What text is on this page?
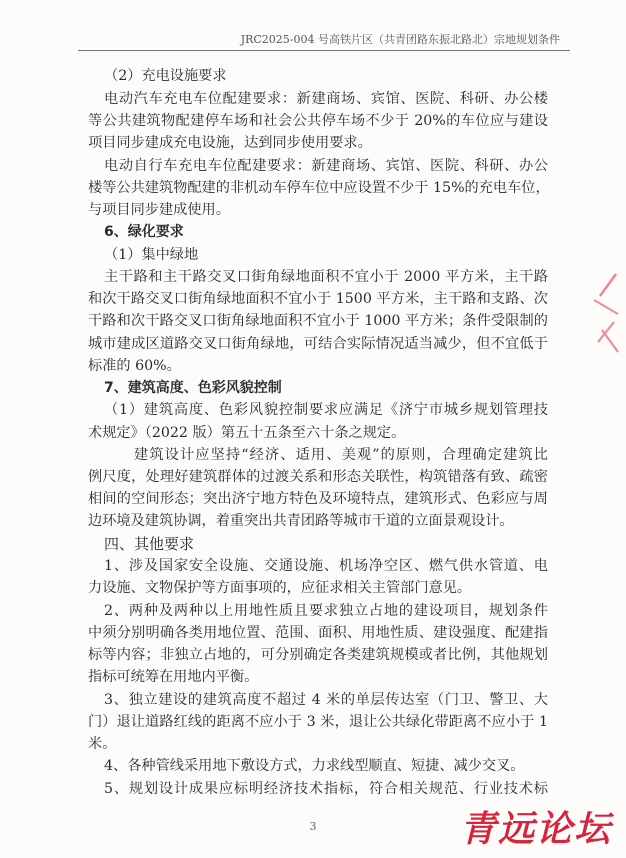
JRC2025-004 号高铁片区（共青团路东振北路北）宗地规划条件
（2）充电设施要求
电动汽车充电车位配建要求：新建商场、宾馆、医院、科研、办公楼
等公共建筑物配建停车场和社会公共停车场不少于 20%的车位应与建设
项目同步建成充电设施，达到同步使用要求。
电动自行车充电车位配建要求：新建商场、宾馆、医院、科研、办公
楼等公共建筑物配建的非机动车停车位中应设置不少于 15%的充电车位，
与项目同步建成使用。
6、绿化要求
（1）集中绿地
主干路和主干路交叉口街角绿地面积不宜小于 2000 平方米，主干路
和次干路交叉口街角绿地面积不宜小于 1500 平方米，主干路和支路、次
干路和次干路交叉口街角绿地面积不宜小于 1000 平方米；条件受限制的
城市建成区道路交叉口街角绿地，可结合实际情况适当减少，但不宜低于
标准的 60%。
7、建筑高度、色彩风貌控制
（1）建筑高度、色彩风貌控制要求应满足《济宁市城乡规划管理技
术规定》（2022 版）第五十五条至六十条之规定。
建筑设计应坚持“经济、适用、美观”的原则，合理确定建筑比
例尺度，处理好建筑群体的过渡关系和形态关联性，构筑错落有致、疏密
相间的空间形态；突出济宁地方特色及环境特点，建筑形式、色彩应与周
边环境及建筑协调，着重突出共青团路等城市干道的立面景观设计。
四、其他要求
1、涉及国家安全设施、交通设施、机场净空区、燃气供水管道、电
力设施、文物保护等方面事项的，应征求相关主管部门意见。
2、两种及两种以上用地性质且要求独立占地的建设项目，规划条件
中须分别明确各类用地位置、范围、面积、用地性质、建设强度、配建指
标等内容；非独立占地的，可分别确定各类建筑规模或者比例，其他规划
指标可统筹在用地内平衡。
3、独立建设的建筑高度不超过 4 米的单层传达室（门卫、警卫、大
门）退让道路红线的距离不应小于 3 米，退让公共绿化带距离不应小于 1
米。
4、各种管线采用地下敷设方式，力求线型顺直、短捷、减少交叉。
5、规划设计成果应标明经济技术指标，符合相关规范、行业技术标
3	青远论坛
